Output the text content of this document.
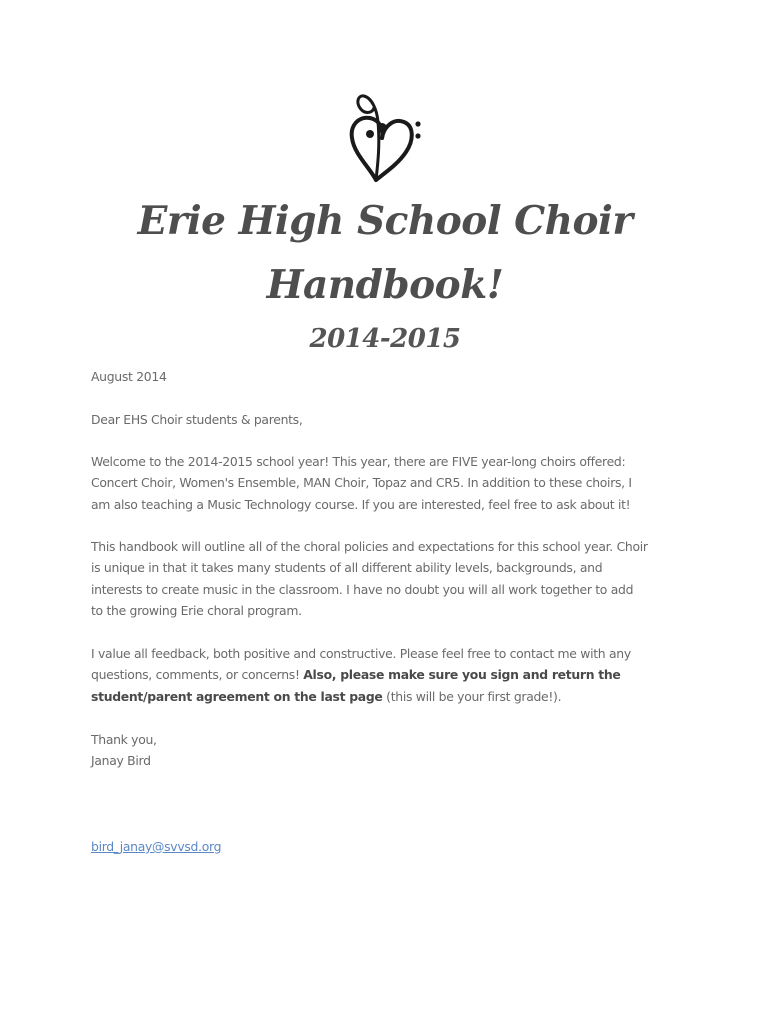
Erie High School Choir
Handbook!
2014-2015

August 2014

Dear EHS Choir students & parents,

Welcome to the 2014-2015 school year! This year, there are FIVE year-long choirs offered:

Concert Choir, Women's Ensemble, MAN Choir, Topaz and CR5. In addition to these choirs, I

am also teaching a Music Technology course. If you are interested, feel free to ask about it!

This handbook will outline all of the choral policies and expectations for this school year. Choir

is unique in that it takes many students of all different ability levels, backgrounds, and

interests to create music in the classroom. I have no doubt you will all work together to add

to the growing Erie choral program.

I value all feedback, both positive and constructive. Please feel free to contact me with any

questions, comments, or concerns! Also, please make sure you sign and return the

student/parent agreement on the last page (this will be your first grade!).

Thank you,

Janay Bird

bird_janay@svvsd.org
